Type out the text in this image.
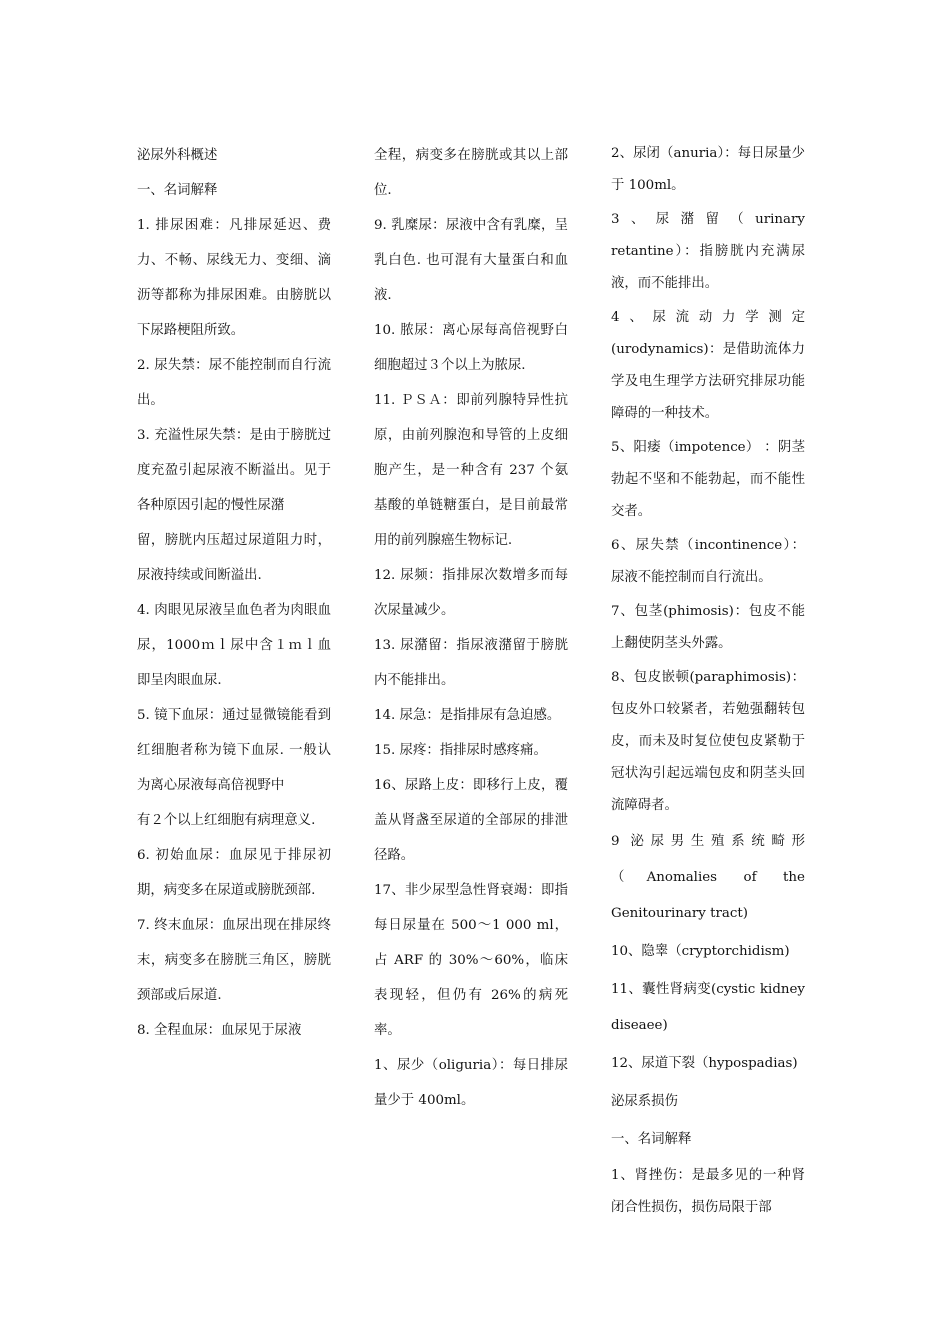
泌尿外科概述

一、名词解释

1. 排尿困难：凡排尿延迟、费力、不畅、尿线无力、变细、滴沥等都称为排尿困难。由膀胱以下尿路梗阻所致。

2. 尿失禁：尿不能控制而自行流出。

3. 充溢性尿失禁：是由于膀胱过度充盈引起尿液不断溢出。见于各种原因引起的慢性尿潴

留，膀胱内压超过尿道阻力时，尿液持续或间断溢出.

4. 肉眼见尿液呈血色者为肉眼血尿，1000ｍｌ尿中含１ｍｌ血即呈肉眼血尿.

5. 镜下血尿：通过显微镜能看到红细胞者称为镜下血尿. 一般认为离心尿液每高倍视野中

有２个以上红细胞有病理意义.

6. 初始血尿：血尿见于排尿初期，病变多在尿道或膀胱颈部.

7. 终末血尿：血尿出现在排尿终末，病变多在膀胱三角区，膀胱颈部或后尿道.

8. 全程血尿：血尿见于尿液

全程，病变多在膀胱或其以上部位.

9. 乳糜尿：尿液中含有乳糜，呈乳白色. 也可混有大量蛋白和血液.

10. 脓尿：离心尿每高倍视野白细胞超过３个以上为脓尿.

11. ＰＳＡ：即前列腺特异性抗原，由前列腺泡和导管的上皮细胞产生，是一种含有 237 个氨基酸的单链糖蛋白，是目前最常用的前列腺癌生物标记.

12. 尿频：指排尿次数增多而每次尿量减少。

13. 尿潴留：指尿液潴留于膀胱内不能排出。

14. 尿急：是指排尿有急迫感。

15. 尿疼：指排尿时感疼痛。

16、尿路上皮：即移行上皮，覆盖从肾盏至尿道的全部尿的排泄径路。

17、非少尿型急性肾衰竭：即指每日尿量在 500～1 000 ml，占 ARF 的 30%～60%，临床表现轻，但仍有 26%的病死率。

1、尿少（oliguria）：每日排尿量少于 400ml。

2、尿闭（anuria）：每日尿量少于 100ml。

3、尿潴留（urinary retantine）：指膀胱内充满尿液，而不能排出。

4、尿流动力学测定(urodynamics)：是借助流体力学及电生理学方法研究排尿功能障碍的一种技术。

5、阳痿（impotence） ：阴茎勃起不坚和不能勃起，而不能性交者。

6、尿失禁（incontinence）：尿液不能控制而自行流出。

7、包茎(phimosis)：包皮不能上翻使阴茎头外露。

8、包皮嵌顿(paraphimosis)：包皮外口较紧者，若勉强翻转包皮，而未及时复位使包皮紧勒于冠状沟引起远端包皮和阴茎头回流障碍者。

9 泌尿男生殖系统畸形（Anomalies of the Genitourinary tract)

10、隐睾（cryptorchidism)

11、囊性肾病变(cystic kidney diseaee)

12、尿道下裂（hypospadias)

泌尿系损伤

一、名词解释

1、肾挫伤：是最多见的一种肾闭合性损伤，损伤局限于部
